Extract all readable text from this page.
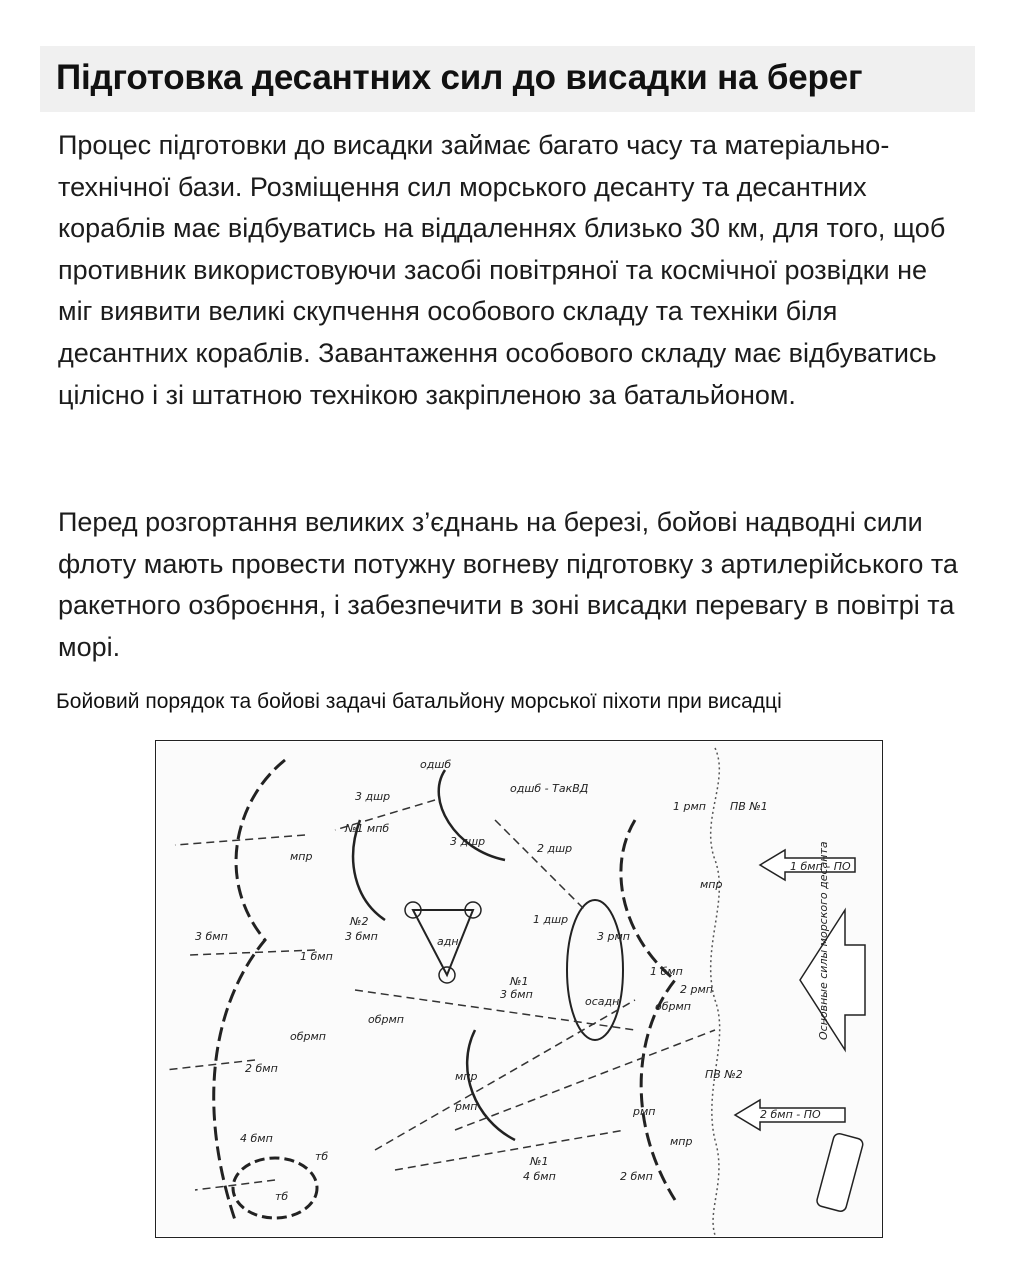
Підготовка десантних сил до висадки на берег

Процес підготовки до висадки займає багато часу та матеріально-технічної бази. Розміщення сил морського десанту та десантних кораблів має відбуватись на віддаленнях близько 30 км, для того, щоб противник використовуючи засобі повітряної та космічної розвідки не міг виявити великі скупчення особового складу та техніки біля десантних кораблів. Завантаження особового складу має відбуватись цілісно і зі штатною технікою закріпленою за батальйоном.

Перед розгортання великих з’єднань на березі, бойові надводні сили флоту мають провести потужну вогневу підготовку з артилерійського та ракетного озброєння, і забезпечити в зоні висадки перевагу в повітрі та морі.

Бойовий порядок та бойові задачі батальйону морської піхоти при висадці

одшб
одшб - ТакВД
3 дшр
№1 мпб
3 дшр
2 дшр
1 рмп ПВ №1
мпр
мпр
№2
3 бмп
1 бмп
1 дшр
адн	3 рмп
3 бмп
1 бмп - ПО
Основные силы морского десанта
1 бмп
№1
3 бмп
осадн
2 рмп
обрмп
обрмп
обрмп
2 бмп
мпр
рмп	рмп
ПВ №2
2 бмп - ПО
мпр
4 бмп
тб	№1
4 бмп	2 бмп
тб
